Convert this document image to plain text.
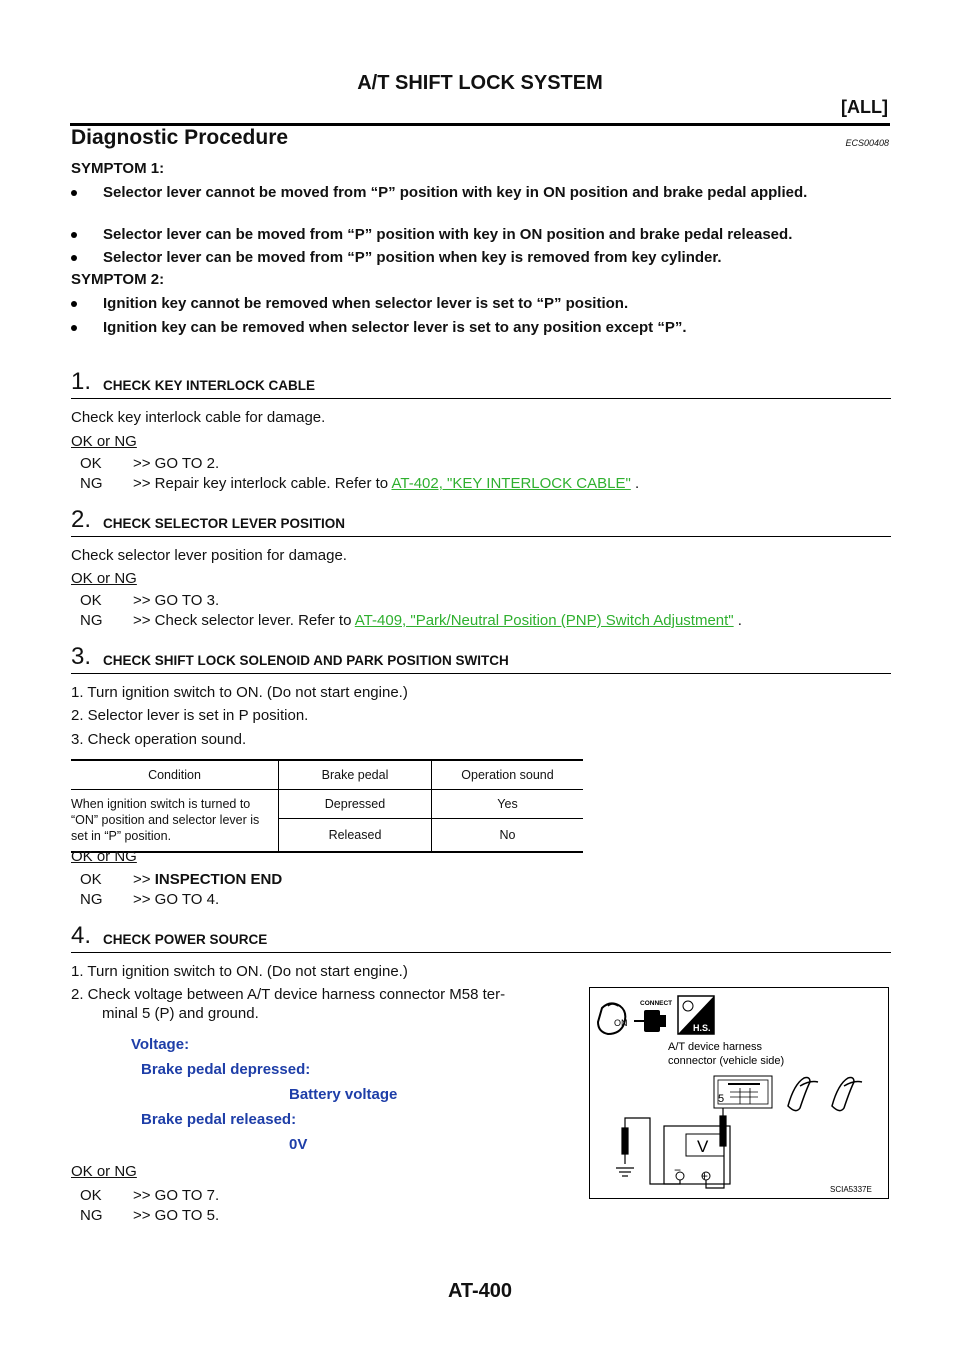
A/T SHIFT LOCK SYSTEM
[ALL]
Diagnostic Procedure	ECS00408
SYMPTOM 1:
Selector lever cannot be moved from “P” position with key in ON position and brake pedal applied.
Selector lever can be moved from “P” position with key in ON position and brake pedal released.
Selector lever can be moved from “P” position when key is removed from key cylinder.
SYMPTOM 2:
Ignition key cannot be removed when selector lever is set to “P” position.
Ignition key can be removed when selector lever is set to any position except “P”.
1. CHECK KEY INTERLOCK CABLE
Check key interlock cable for damage.
OK or NG
OK >> GO TO 2.
NG >> Repair key interlock cable. Refer to AT-402, "KEY INTERLOCK CABLE" .
2. CHECK SELECTOR LEVER POSITION
Check selector lever position for damage.
OK or NG
OK >> GO TO 3.
NG >> Check selector lever. Refer to AT-409, "Park/Neutral Position (PNP) Switch Adjustment" .
3. CHECK SHIFT LOCK SOLENOID AND PARK POSITION SWITCH
1. Turn ignition switch to ON. (Do not start engine.)
2. Selector lever is set in P position.
3. Check operation sound.
Condition	Brake pedal	Operation sound
When ignition switch is turned to “ON” position and selector lever is set in “P” position.	Depressed	Yes
	Released	No
OK or NG
OK >> INSPECTION END
NG >> GO TO 4.
4. CHECK POWER SOURCE
1. Turn ignition switch to ON. (Do not start engine.)
2. Check voltage between A/T device harness connector M58 ter-
minal 5 (P) and ground.
Voltage:
Brake pedal depressed:
Battery voltage
Brake pedal released:
0V
OK or NG
OK >> GO TO 7.
NG >> GO TO 5.
ON
CONNECT
H.S.
A/T device harness
connector (vehicle side)
5
V
− +
SCIA5337E
AT-400
